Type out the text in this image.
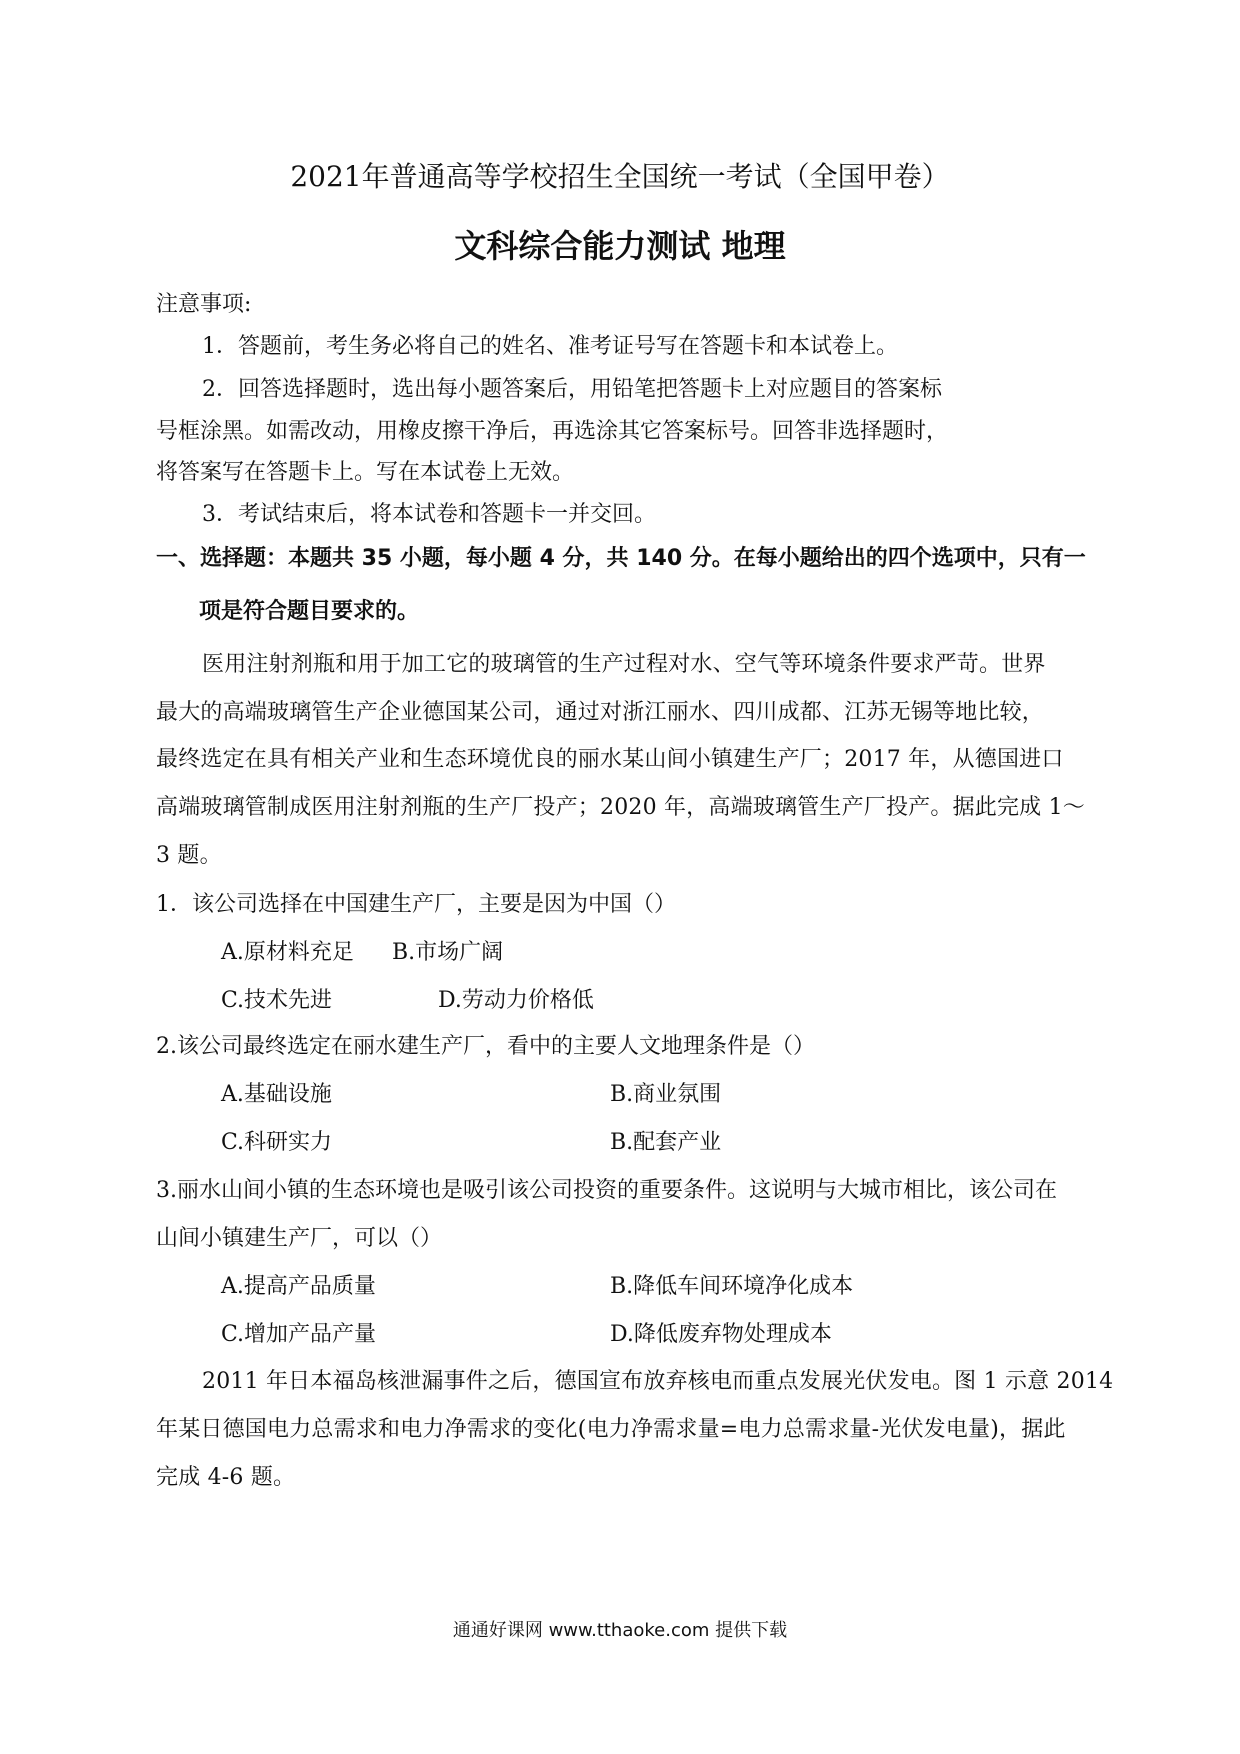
2021年普通高等学校招生全国统一考试（全国甲卷）
文科综合能力测试 地理
注意事项:
1．答题前，考生务必将自己的姓名、准考证号写在答题卡和本试卷上。
2．回答选择题时，选出每小题答案后，用铅笔把答题卡上对应题目的答案标
号框涂黑。如需改动，用橡皮擦干净后，再选涂其它答案标号。回答非选择题时，
将答案写在答题卡上。写在本试卷上无效。
3．考试结束后，将本试卷和答题卡一并交回。
一、选择题：本题共 35 小题，每小题 4 分，共 140 分。在每小题给出的四个选项中，只有一
项是符合题目要求的。
医用注射剂瓶和用于加工它的玻璃管的生产过程对水、空气等环境条件要求严苛。世界
最大的高端玻璃管生产企业德国某公司，通过对浙江丽水、四川成都、江苏无锡等地比较，
最终选定在具有相关产业和生态环境优良的丽水某山间小镇建生产厂；2017 年，从德国进口
高端玻璃管制成医用注射剂瓶的生产厂投产；2020 年，高端玻璃管生产厂投产。据此完成 1～
3 题。
1．该公司选择在中国建生产厂，主要是因为中国（）
A.原材料充足 B.市场广阔
C.技术先进	D.劳动力价格低
2.该公司最终选定在丽水建生产厂，看中的主要人文地理条件是（）
A.基础设施	B.商业氛围
C.科研实力	B.配套产业
3.丽水山间小镇的生态环境也是吸引该公司投资的重要条件。这说明与大城市相比，该公司在
山间小镇建生产厂，可以（）
A.提高产品质量	B.降低车间环境净化成本
C.增加产品产量	D.降低废弃物处理成本
2011 年日本福岛核泄漏事件之后，德国宣布放弃核电而重点发展光伏发电。图 1 示意 2014
年某日德国电力总需求和电力净需求的变化(电力净需求量=电力总需求量-光伏发电量)，据此
完成 4-6 题。
通通好课网 www.tthaoke.com 提供下载
